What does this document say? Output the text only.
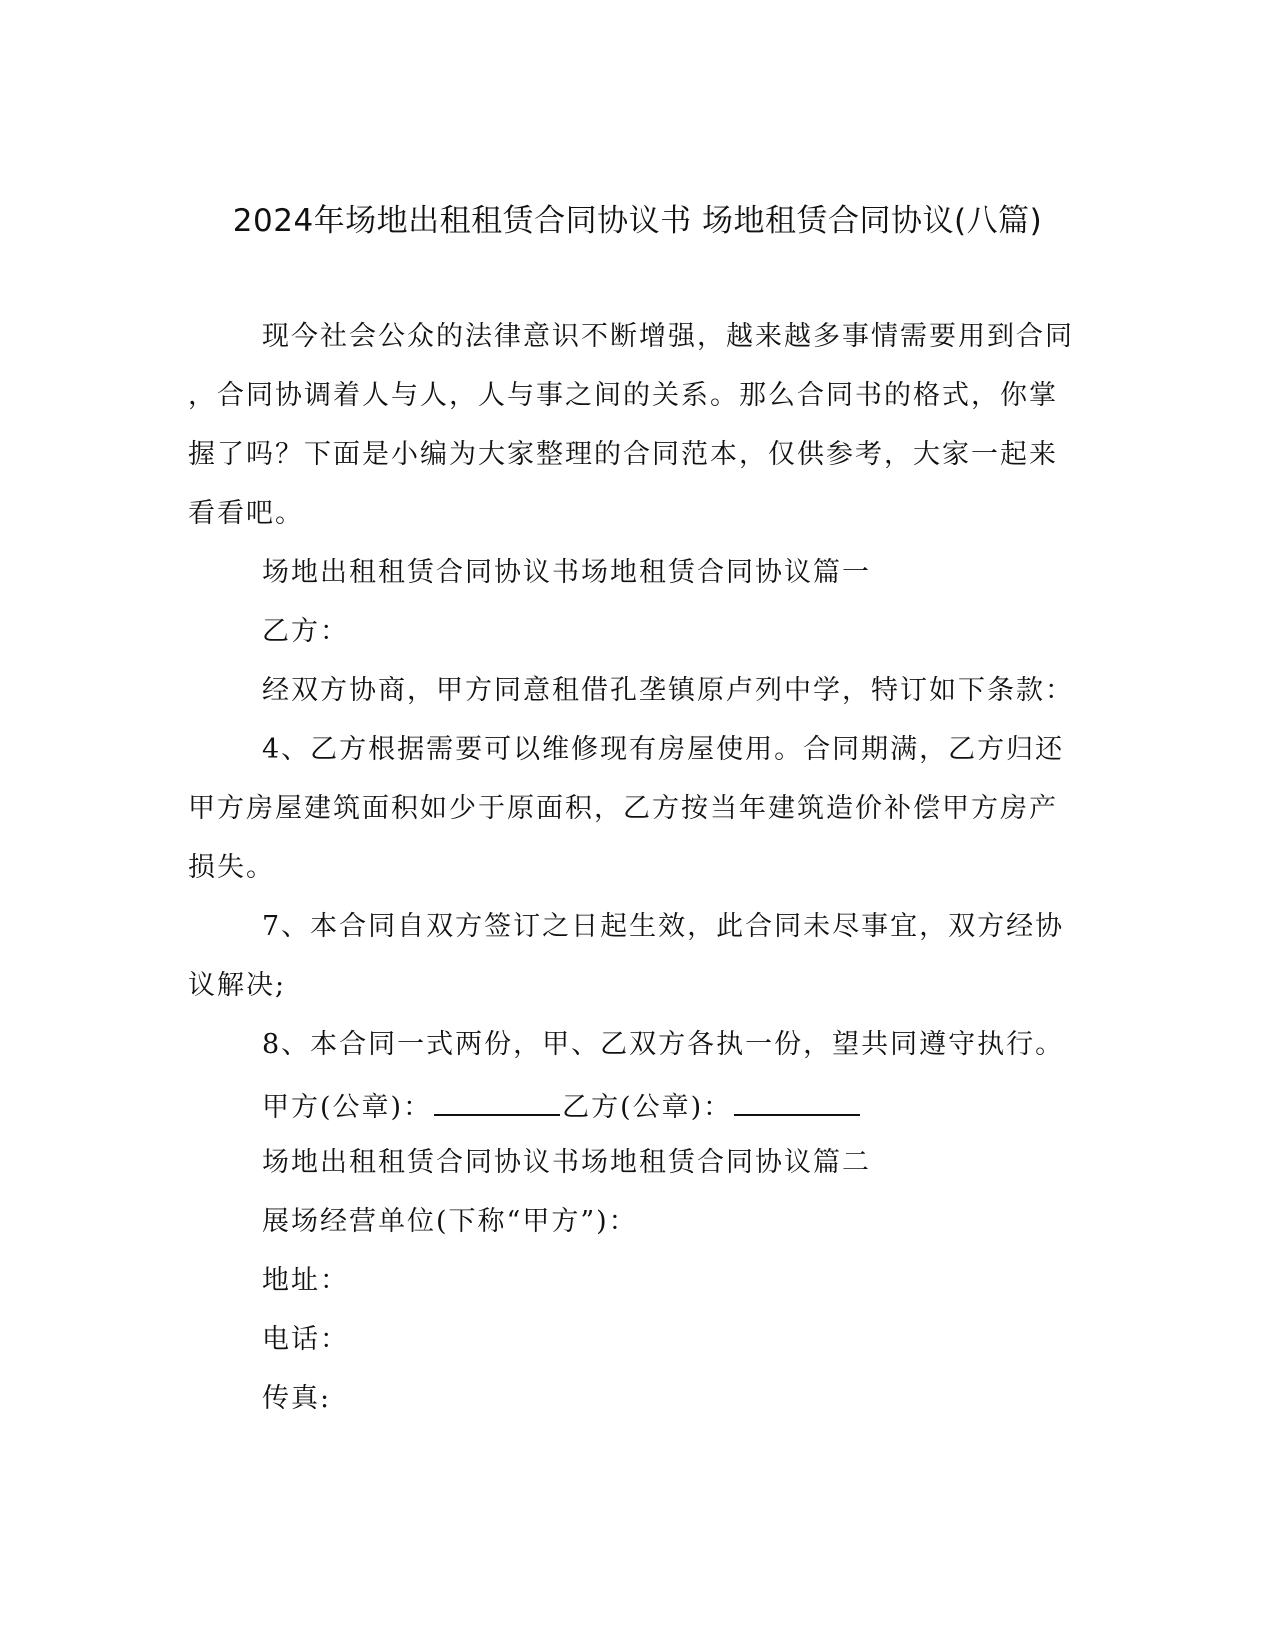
2024年场地出租租赁合同协议书 场地租赁合同协议(八篇)
现今社会公众的法律意识不断增强，越来越多事情需要用到合同
，合同协调着人与人，人与事之间的关系。那么合同书的格式，你掌
握了吗？下面是小编为大家整理的合同范本，仅供参考，大家一起来
看看吧。
场地出租租赁合同协议书场地租赁合同协议篇一
乙方：
经双方协商，甲方同意租借孔垄镇原卢列中学，特订如下条款：
4、乙方根据需要可以维修现有房屋使用。合同期满，乙方归还
甲方房屋建筑面积如少于原面积，乙方按当年建筑造价补偿甲方房产
损失。
7、本合同自双方签订之日起生效，此合同未尽事宜，双方经协
议解决;
8、本合同一式两份，甲、乙双方各执一份，望共同遵守执行。
甲方(公章)：	乙方(公章)：
场地出租租赁合同协议书场地租赁合同协议篇二
展场经营单位(下称“甲方”)：
地址：
电话：
传真:
